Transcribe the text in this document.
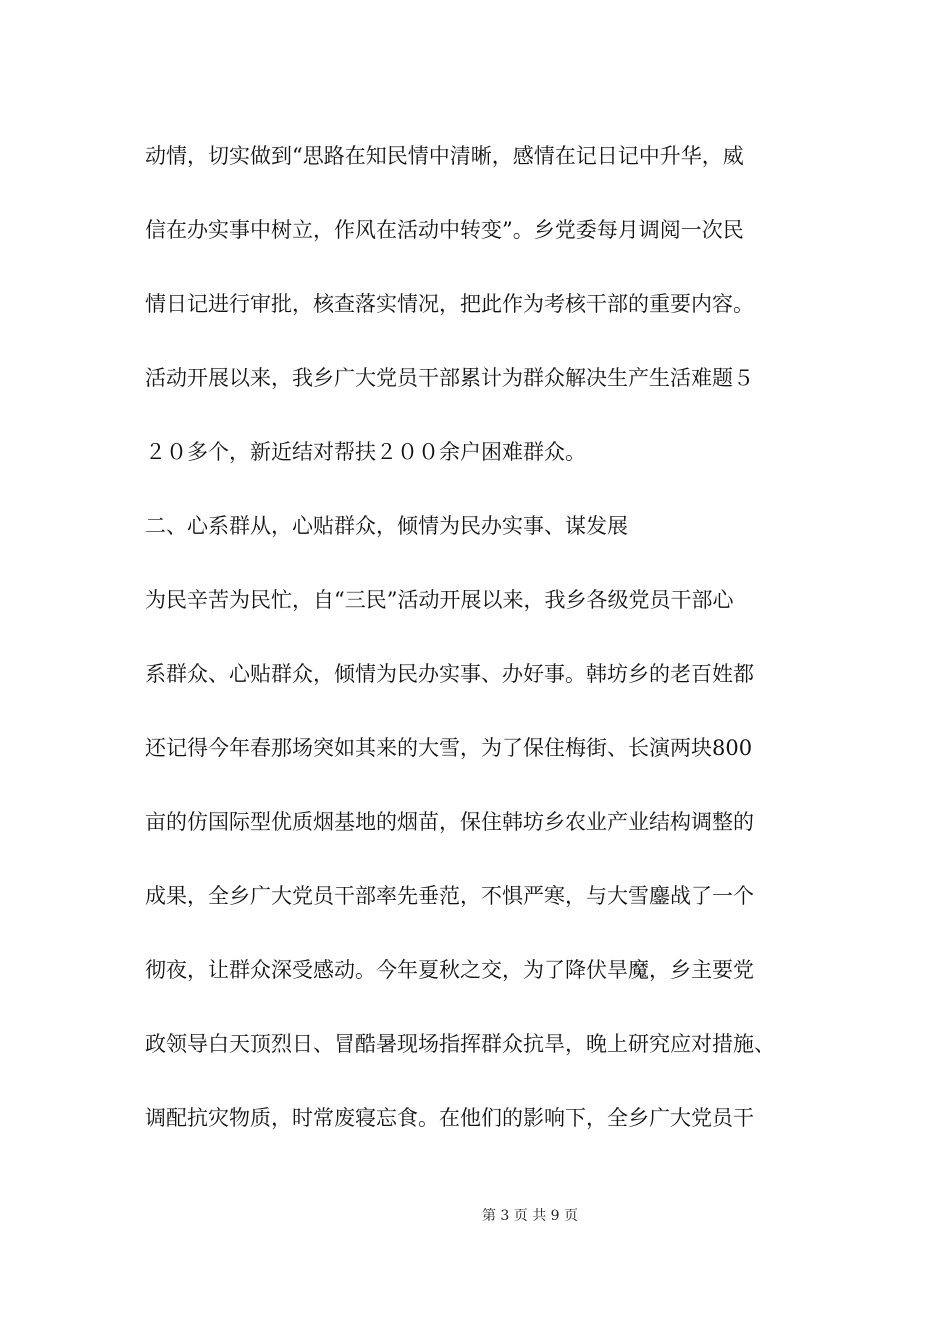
动情，切实做到“思路在知民情中清晰，感情在记日记中升华，威
信在办实事中树立，作风在活动中转变”。乡党委每月调阅一次民
情日记进行审批，核查落实情况，把此作为考核干部的重要内容。
活动开展以来，我乡广大党员干部累计为群众解决生产生活难题５
２０多个，新近结对帮扶２００余户困难群众。
二、心系群从，心贴群众，倾情为民办实事、谋发展
为民辛苦为民忙，自“三民”活动开展以来，我乡各级党员干部心
系群众、心贴群众，倾情为民办实事、办好事。韩坊乡的老百姓都
还记得今年春那场突如其来的大雪，为了保住梅街、长演两块800
亩的仿国际型优质烟基地的烟苗，保住韩坊乡农业产业结构调整的
成果，全乡广大党员干部率先垂范，不惧严寒，与大雪鏖战了一个
彻夜，让群众深受感动。今年夏秋之交，为了降伏旱魔，乡主要党
政领导白天顶烈日、冒酷暑现场指挥群众抗旱，晚上研究应对措施、
调配抗灾物质，时常废寝忘食。在他们的影响下，全乡广大党员干
第 3 页 共 9 页
